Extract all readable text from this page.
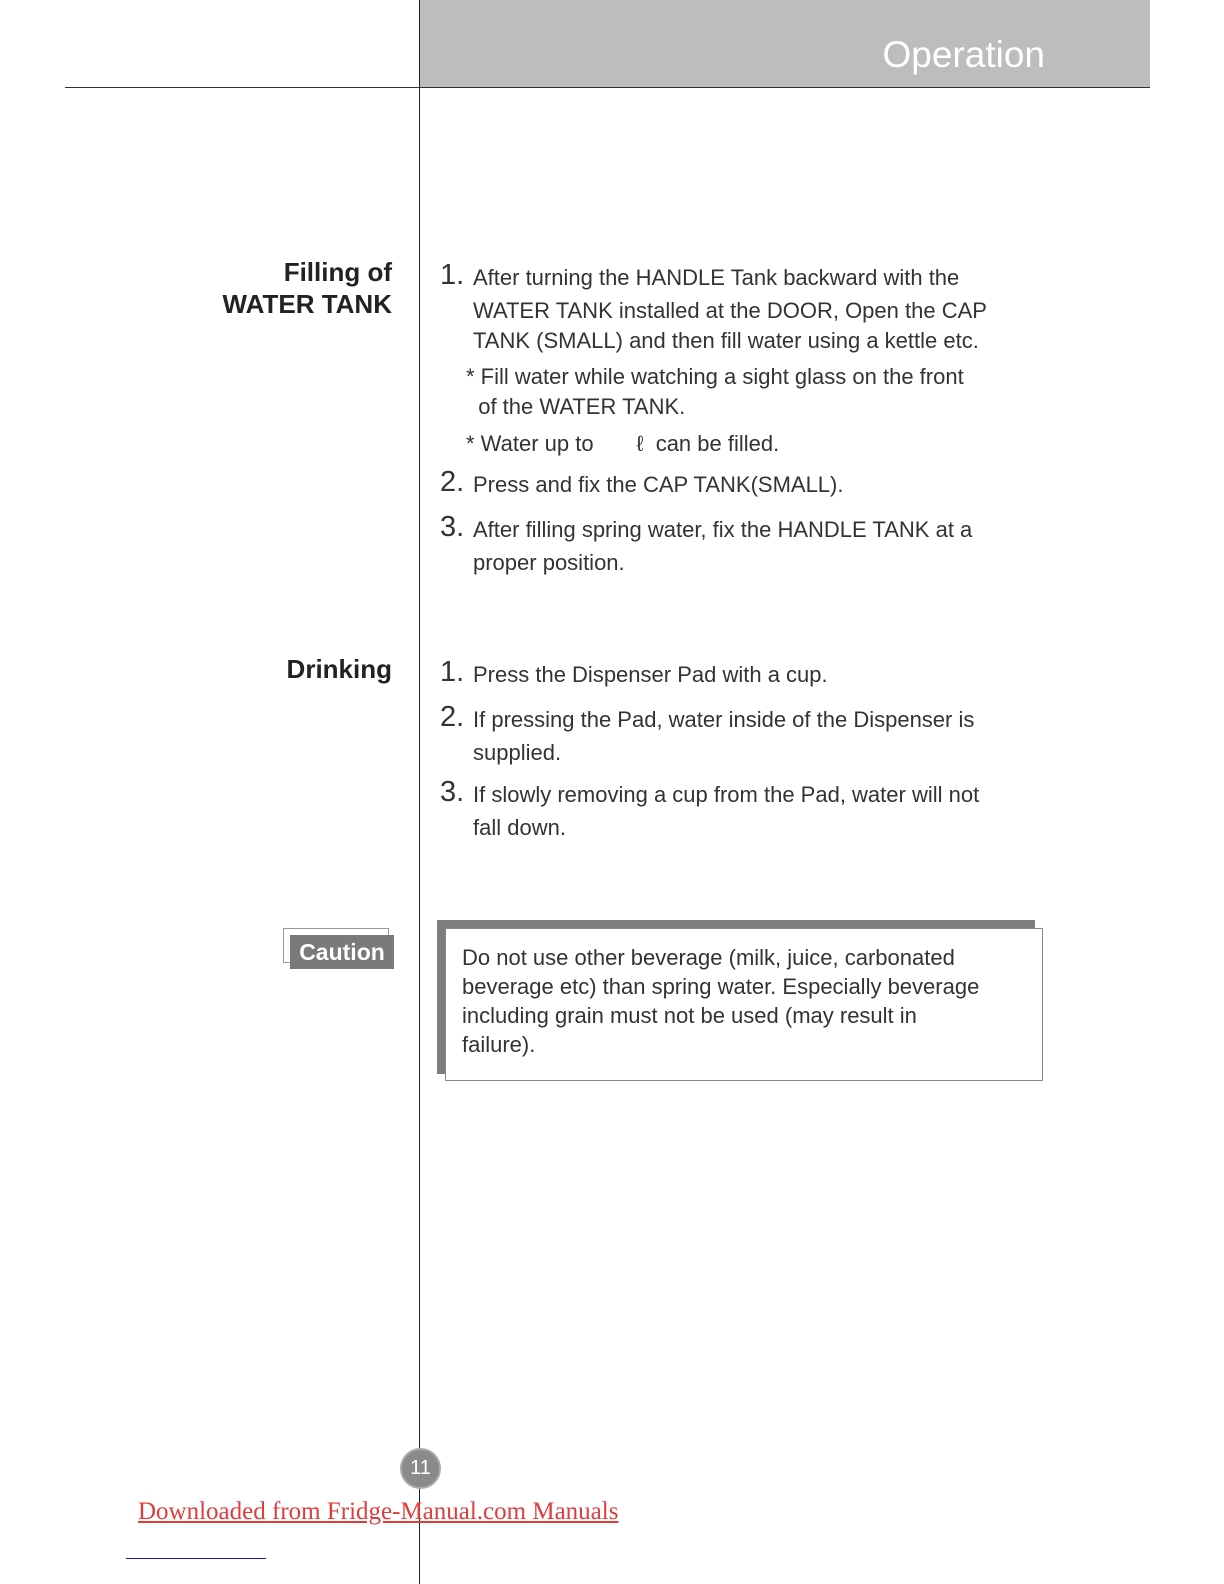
Operation
Filling of
WATER TANK
1. After turning the HANDLE Tank backward with the
WATER TANK installed at the DOOR, Open the CAP
TANK (SMALL) and then fill water using a kettle etc.
* Fill water while watching a sight glass on the front
of the WATER TANK.
* Water up to       ℓ  can be filled.
2. Press and fix the CAP TANK(SMALL).
3. After filling spring water, fix the HANDLE TANK at a
proper position.
Drinking 1. Press the Dispenser Pad with a cup.
2. If pressing the Pad, water inside of the Dispenser is
supplied.
3. If slowly removing a cup from the Pad, water will not
fall down.
Caution	Do not use other beverage (milk, juice, carbonated
beverage etc) than spring water. Especially beverage
including grain must not be used (may result in
failure).
11
Downloaded from Fridge-Manual.com Manuals
